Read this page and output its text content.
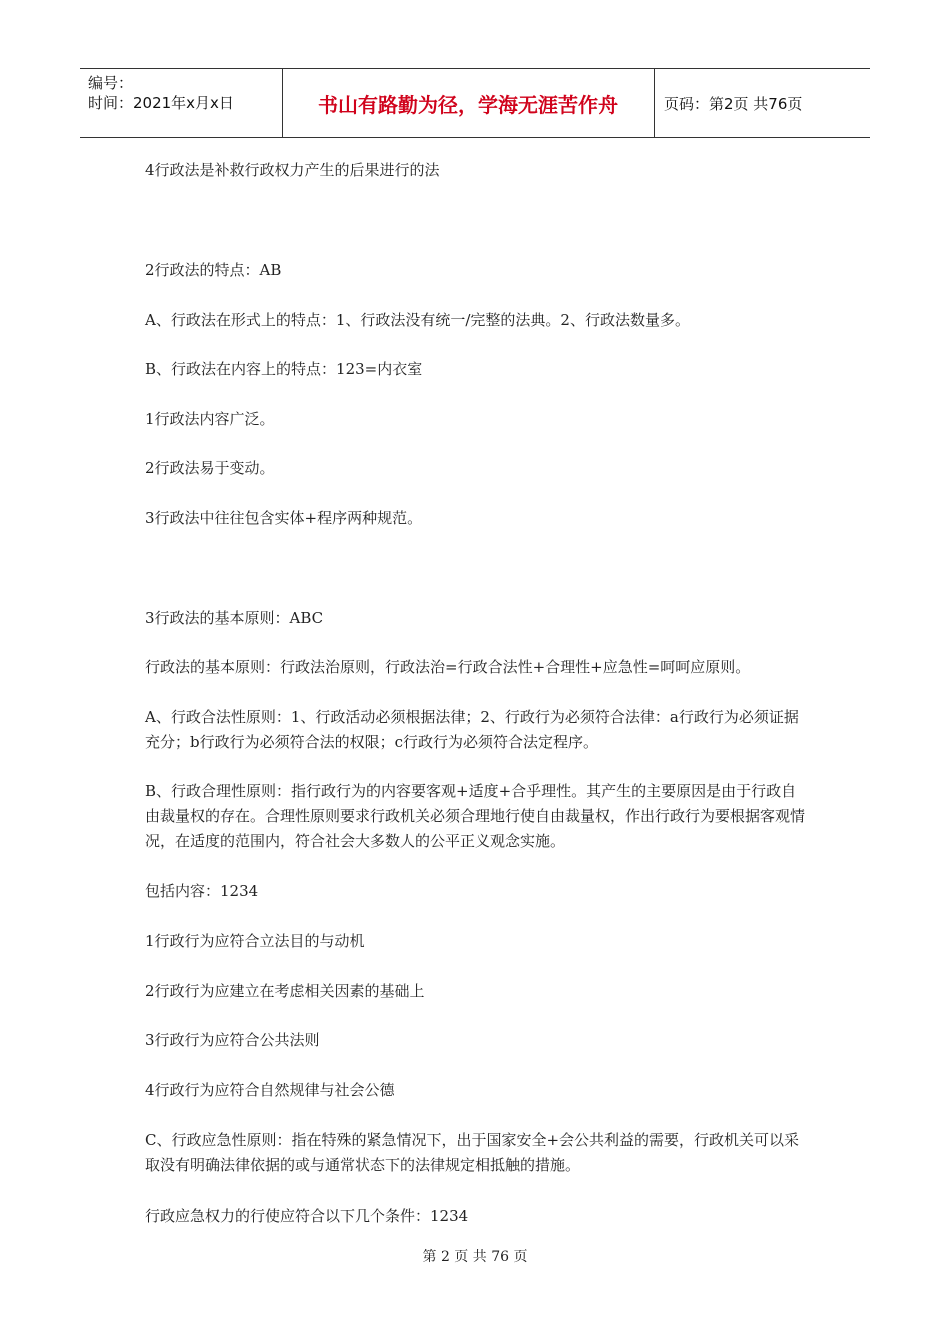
编号：
时间：2021年x月x日	书山有路勤为径，学海无涯苦作舟	页码：第2页 共76页

4行政法是补救行政权力产生的后果进行的法

2行政法的特点：AB

A、行政法在形式上的特点：1、行政法没有统一/完整的法典。2、行政法数量多。

B、行政法在内容上的特点：123=内衣室

1行政法内容广泛。

2行政法易于变动。

3行政法中往往包含实体+程序两种规范。

3行政法的基本原则：ABC

行政法的基本原则：行政法治原则，行政法治=行政合法性+合理性+应急性=呵呵应原则。

A、行政合法性原则：1、行政活动必须根据法律；2、行政行为必须符合法律：a行政行为必须证据充分；b行政行为必须符合法的权限；c行政行为必须符合法定程序。

B、行政合理性原则：指行政行为的内容要客观+适度+合乎理性。其产生的主要原因是由于行政自由裁量权的存在。合理性原则要求行政机关必须合理地行使自由裁量权，作出行政行为要根据客观情况，在适度的范围内，符合社会大多数人的公平正义观念实施。

包括内容：1234

1行政行为应符合立法目的与动机

2行政行为应建立在考虑相关因素的基础上

3行政行为应符合公共法则

4行政行为应符合自然规律与社会公德

C、行政应急性原则：指在特殊的紧急情况下，出于国家安全+会公共利益的需要，行政机关可以采取没有明确法律依据的或与通常状态下的法律规定相抵触的措施。

行政应急权力的行使应符合以下几个条件：1234

第 2 页 共 76 页
